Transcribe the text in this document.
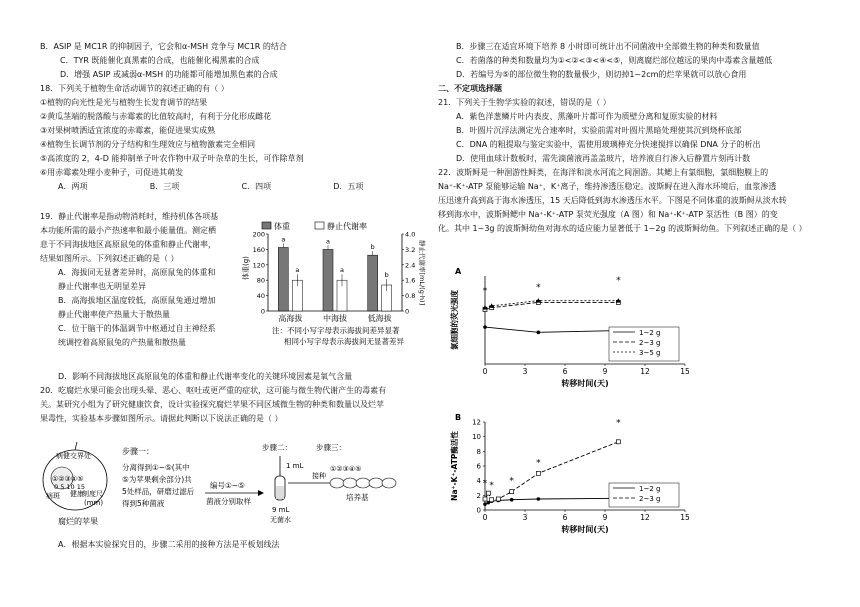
B．ASIP 是 MC1R 的抑制因子，它会和α-MSH 竞争与 MC1R 的结合

C．TYR 既能催化真黑素的合成，也能催化褐黑素的合成

D．增强 ASIP 或减弱α-MSH 的功能都可能增加黑色素的合成

18．下列关于植物生命活动调节的叙述正确的有（ ）

①植物的向光性是光与植物生长发育调节的结果

②黄瓜茎端的脱落酸与赤霉素的比值较高时，有利于分化形成雌花

③对果树喷洒适宜浓度的赤霉素，能促进果实成熟

④植物生长调节剂的分子结构和生理效应与植物激素完全相同

⑤高浓度的 2，4-D 能抑制单子叶农作物中双子叶杂草的生长，可作除草剂

⑥用赤霉素处理小麦种子，可促进其萌发

A．两项	B．三项	C．四项	D．五项

19．静止代谢率是指动物消耗时，维持机体各项基

本功能所需的最小产热速率和最小能量值。测定栖

息于不同海拔地区高原鼠兔的体重和静止代谢率，

结果如图所示。下列叙述正确的是（ ）

A．海拔同无显著差异时，高原鼠兔的体重和

静止代谢率也无明显差异

B．高海拔地区温度较低，高原鼠兔通过增加

静止代谢率使产热量大于散热量

C．位于脑干的体温调节中枢通过自主神经系

统调控着高原鼠兔的产热量和散热量

D．影响不同海拔地区高原鼠兔的体重和静止代谢率变化的关键环境因素是氧气含量

20．吃腐烂水果可能会出现头晕、恶心、呕吐或更严重的症状，这可能与微生物代谢产生的毒素有

关。某研究小组为了研究健康饮食，设计实验探究腐烂苹果不同区域微生物的种类和数量以及烂苹

果毒性，实验基本步骤如图所示。请据此判断以下说法正确的是（ ）

体重	静止代谢率
0
40
80
120
160
200
0
0.8
1.6
2.4
3.2
4.0
a
a
高海拔
a
a
中海拔
b
b
低海拔
体重(g)	静止代谢率[mL/(g·h)]
注：不同小写字母表示海拔间差异显著
相同小写字母表示海拔间无显著差异
病健交界处
①②③④⑤
0 5 10 15
病斑 健康
刻度尺
(mm)
腐烂的苹果
步骤一：
分离得到①~⑤(其中
⑤为苹果剩余部分)共
5处样品，研磨过滤后
得到5种菌液
编号①~⑤
菌液分别取样
步骤二：
1 mL
9 mL
无菌水
步骤三：
接种
①②③④⑤
培养基

A．根据本实验探究目的，步骤二采用的接种方法是平板划线法

B．步骤三在适宜环境下培养 8 小时即可统计出不同菌液中全部微生物的种类和数量值

C．若菌落的种类和数量均为①<②<③<④<⑤，则离腐烂部位越远的果肉中毒素含量越低

D．若编号为⑤的部位微生物的数量极少，则切掉1~2cm的烂苹果就可以放心食用

二、不定项选择题

21．下列关于生物学实验的叙述，错误的是（ ）

A．紫色洋葱鳞片叶内表皮、黑藻叶片都可作为质壁分离和复原实验的材料

B．叶圆片沉浮法测定光合速率时，实验前需对叶圆片黑暗处理使其沉到烧杯底部

C．DNA 的粗提取与鉴定实验中，需使用玻璃棒充分快速搅拌以确保 DNA 分子的析出

D．使用血球计数板时，需先滴菌液再盖盖玻片，培养液自行渗入后静置片刻再计数

22．波斯鲟是一种洄游性鲟类，在海洋和淡水河流之间洄游。其鳃上有氯细胞，氯细胞膜上的

Na⁺-K⁺-ATP 泵能够运输 Na⁺，K⁺离子，维持渗透压稳定。波斯鲟在进入海水环境后，血浆渗透

压迅速升高到高于海水渗透压，15 天后降低到海水渗透压水平。下图是不同体重的波斯鲟从淡水转

移到海水中，波斯鲟鳃中 Na⁺-K⁺-ATP 泵荧光强度（A 图）和 Na⁺-K⁺-ATP 泵活性（B 图）的变

化。其中 1~3g 的波斯鲟幼鱼对海水的适应能力显著低于 1~2g 的波斯鲟幼鱼。下列叙述正确的是（ ）

A
0	3	6	9	12	15
转移时间(天)
氯细胞的荧光强度	1~2 g
2~3 g
3~5 g
*	*
*
B
0	3	6	9	12	15
0
2
4
6
8
10
12
转移时间(天)
Na⁺-K⁺-ATP酶活性	1~2 g
2~3 g
* * *
*
*
